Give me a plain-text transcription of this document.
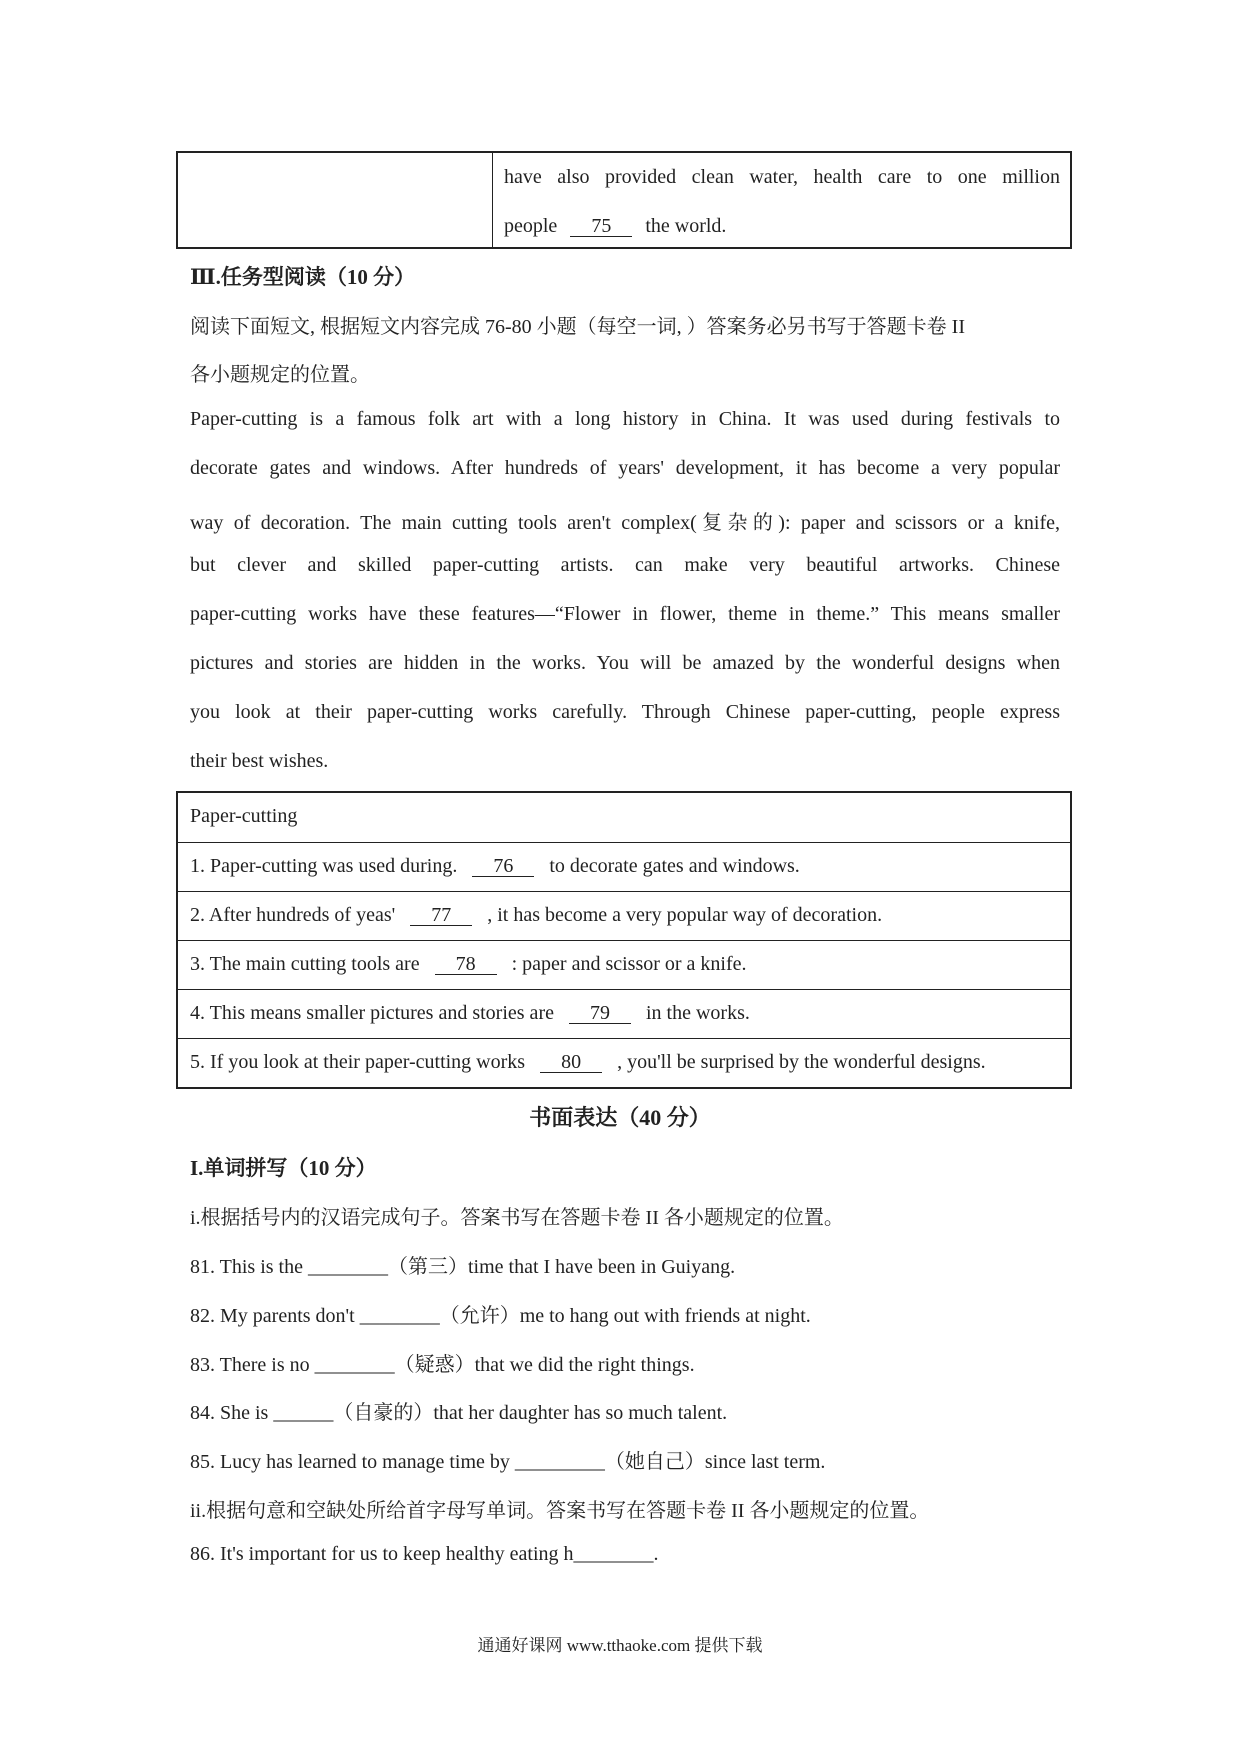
have also provided clean water, health care to one million
people 75 the world.
Ⅲ.任务型阅读（10 分）
阅读下面短文, 根据短文内容完成 76-80 小题（每空一词, ）答案务必另书写于答题卡卷 II
各小题规定的位置。
Paper-cutting is a famous folk art with a long history in China. It was used during festivals to
decorate gates and windows. After hundreds of years' development, it has become a very popular
way of decoration. The main cutting tools aren't complex(复杂的): paper and scissors or a knife,
but clever and skilled paper-cutting artists. can make very beautiful artworks. Chinese
paper-cutting works have these features—“Flower in flower, theme in theme.” This means smaller
pictures and stories are hidden in the works. You will be amazed by the wonderful designs when
you look at their paper-cutting works carefully. Through Chinese paper-cutting, people express
their best wishes.
Paper-cutting
1. Paper-cutting was used during. 76 to decorate gates and windows.
2. After hundreds of yeas' 77 , it has become a very popular way of decoration.
3. The main cutting tools are 78 : paper and scissor or a knife.
4. This means smaller pictures and stories are 79 in the works.
5. If you look at their paper-cutting works 80 , you'll be surprised by the wonderful designs.
书面表达（40 分）
I.单词拼写（10 分）
i.根据括号内的汉语完成句子。答案书写在答题卡卷 II 各小题规定的位置。
81. This is the ________（第三）time that I have been in Guiyang.
82. My parents don't ________（允许）me to hang out with friends at night.
83. There is no ________（疑惑）that we did the right things.
84. She is ______（自豪的）that her daughter has so much talent.
85. Lucy has learned to manage time by _________（她自己）since last term.
ii.根据句意和空缺处所给首字母写单词。答案书写在答题卡卷 II 各小题规定的位置。
86. It's important for us to keep healthy eating h________.
通通好课网 www.tthaoke.com 提供下载
